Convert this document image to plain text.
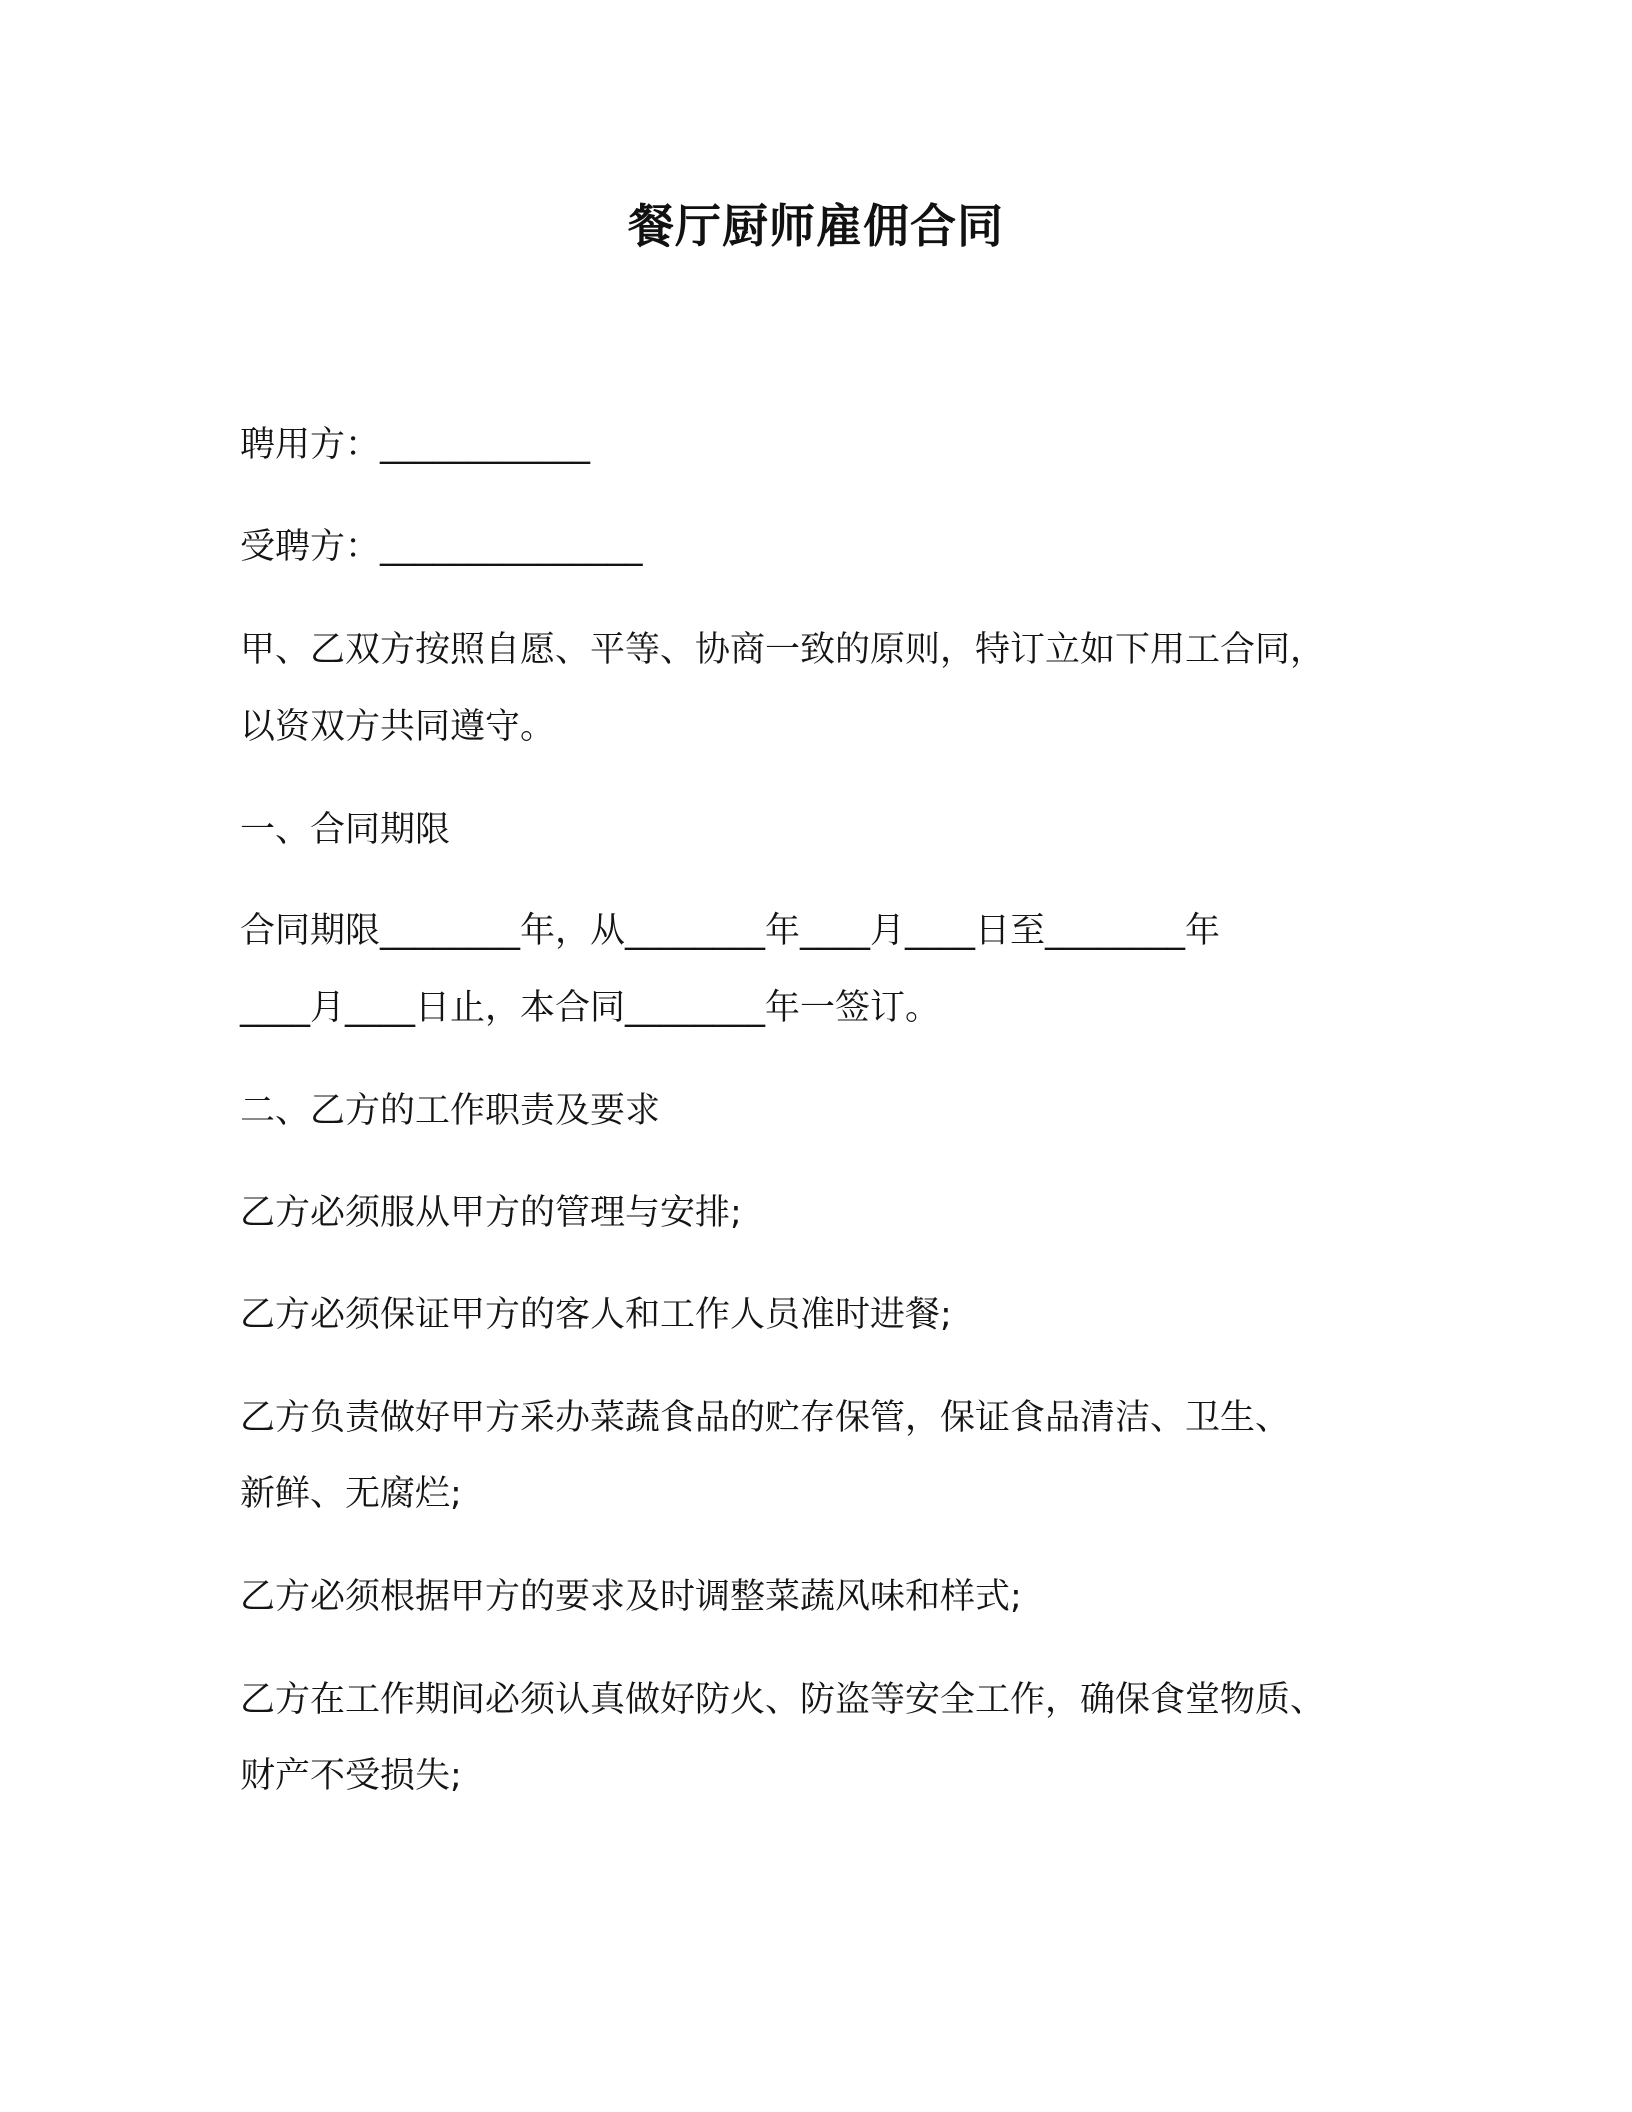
餐厅厨师雇佣合同

聘用方：____________

受聘方：_______________

甲、乙双方按照自愿、平等、协商一致的原则，特订立如下用工合同，

以资双方共同遵守。

一、合同期限

合同期限________年，从________年____月____日至________年

____月____日止，本合同________年一签订。

二、乙方的工作职责及要求

乙方必须服从甲方的管理与安排;

乙方必须保证甲方的客人和工作人员准时进餐;

乙方负责做好甲方采办菜蔬食品的贮存保管，保证食品清洁、卫生、

新鲜、无腐烂;

乙方必须根据甲方的要求及时调整菜蔬风味和样式;

乙方在工作期间必须认真做好防火、防盗等安全工作，确保食堂物质、

财产不受损失;
